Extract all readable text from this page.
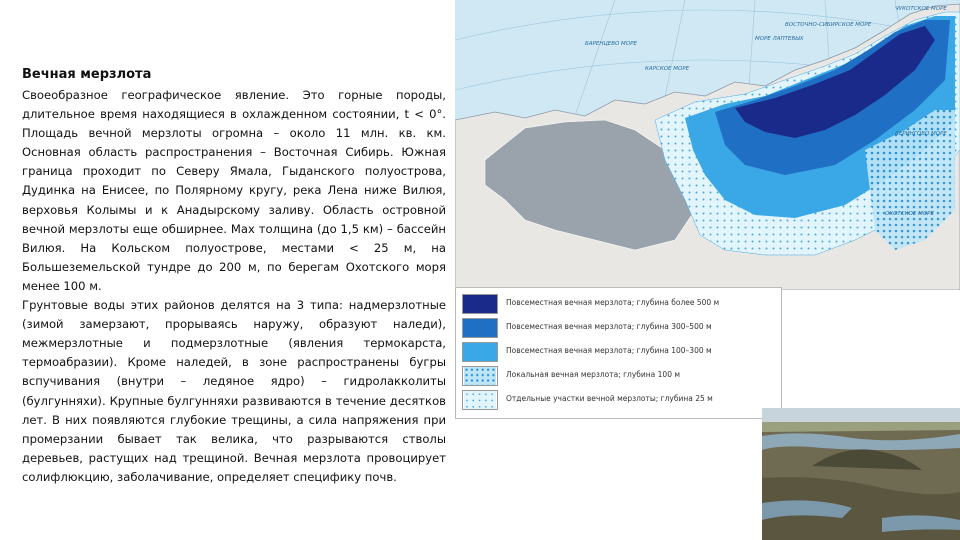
Вечная мерзлота

Своеобразное географическое явление. Это горные породы, длительное время находящиеся в охлажденном состоянии, t < 0°. Площадь вечной мерзлоты огромна – около 11 млн. кв. км. Основная область распространения – Восточная Сибирь. Южная граница проходит по Северу Ямала, Гыданского полуострова, Дудинка на Енисее, по Полярному кругу, река Лена ниже Вилюя, верховья Колымы и к Анадырскому заливу. Область островной вечной мерзлоты еще обширнее. Max толщина (до 1,5 км) – бассейн Вилюя. На Кольском полуострове, местами < 25 м, на Большеземельской тундре до 200 м, по берегам Охотского моря менее 100 м.

Грунтовые воды этих районов делятся на 3 типа: надмерзлотные (зимой замерзают, прорываясь наружу, образуют наледи), межмерзлотные и подмерзлотные (явления термокарста, термоабразии). Кроме наледей, в зоне распространены бугры вспучивания (внутри – ледяное ядро) – гидролакколиты (булгунняхи). Крупные булгунняхи развиваются в течение десятков лет. В них появляются глубокие трещины, а сила напряжения при промерзании бывает так велика, что разрываются стволы деревьев, растущих над трещиной. Вечная мерзлота провоцирует солифлюкцию, заболачивание, определяет специфику почв.

БАРЕНЦЕВО МОРЕ
КАРСКОЕ МОРЕ
МОРЕ ЛАПТЕВЫХ
ВОСТОЧНО-СИБИРСКОЕ МОРЕ
ЧУКОТСКОЕ МОРЕ
БЕРИНГОВО МОРЕ
ОХОТСКОЕ МОРЕ
Повсеместная вечная мерзлота; глубина более 500 м
Повсеместная вечная мерзлота; глубина 300–500 м
Повсеместная вечная мерзлота; глубина 100–300 м
Локальная вечная мерзлота; глубина 100 м
Отдельные участки вечной мерзлоты; глубина 25 м
